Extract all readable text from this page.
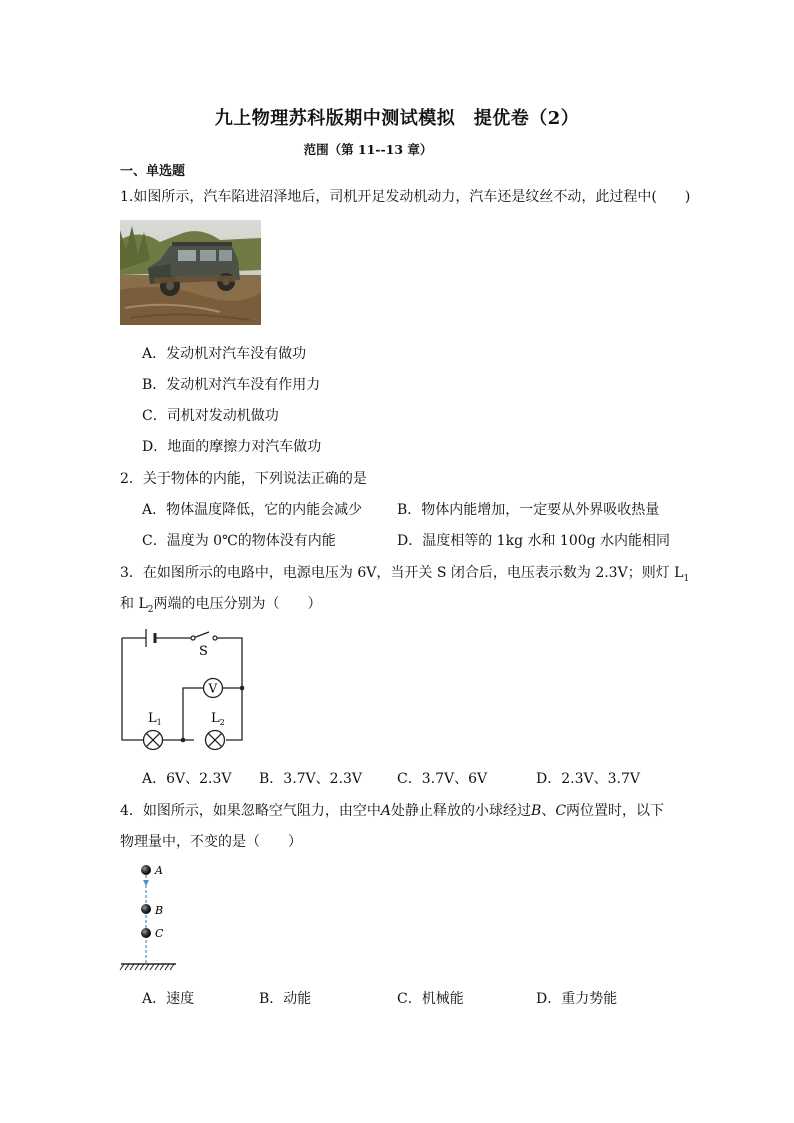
九上物理苏科版期中测试模拟　提优卷（2）
范围（第 11--13 章）
一、单选题
1.如图所示，汽车陷进沼泽地后，司机开足发动机动力，汽车还是纹丝不动，此过程中(　　)
A．发动机对汽车没有做功
B．发动机对汽车没有作用力
C．司机对发动机做功
D．地面的摩擦力对汽车做功
2．关于物体的内能，下列说法正确的是
A．物体温度降低，它的内能会减少 B．物体内能增加，一定要从外界吸收热量
C．温度为 0℃的物体没有内能	D．温度相等的 1kg 水和 100g 水内能相同
3．在如图所示的电路中，电源电压为 6V，当开关 S 闭合后，电压表示数为 2.3V；则灯 $L_1$
和 $L_2$两端的电压分别为（　　）
S
V
$L_1$	$L_2$
A．6V、2.3V B．3.7V、2.3V C．3.7V、6V	D．2.3V、3.7V
4．如图所示，如果忽略空气阻力，由空中A处静止释放的小球经过B、C两位置时，以下
物理量中，不变的是（　　）
A
B
C
A．速度	B．动能	C．机械能	D．重力势能
